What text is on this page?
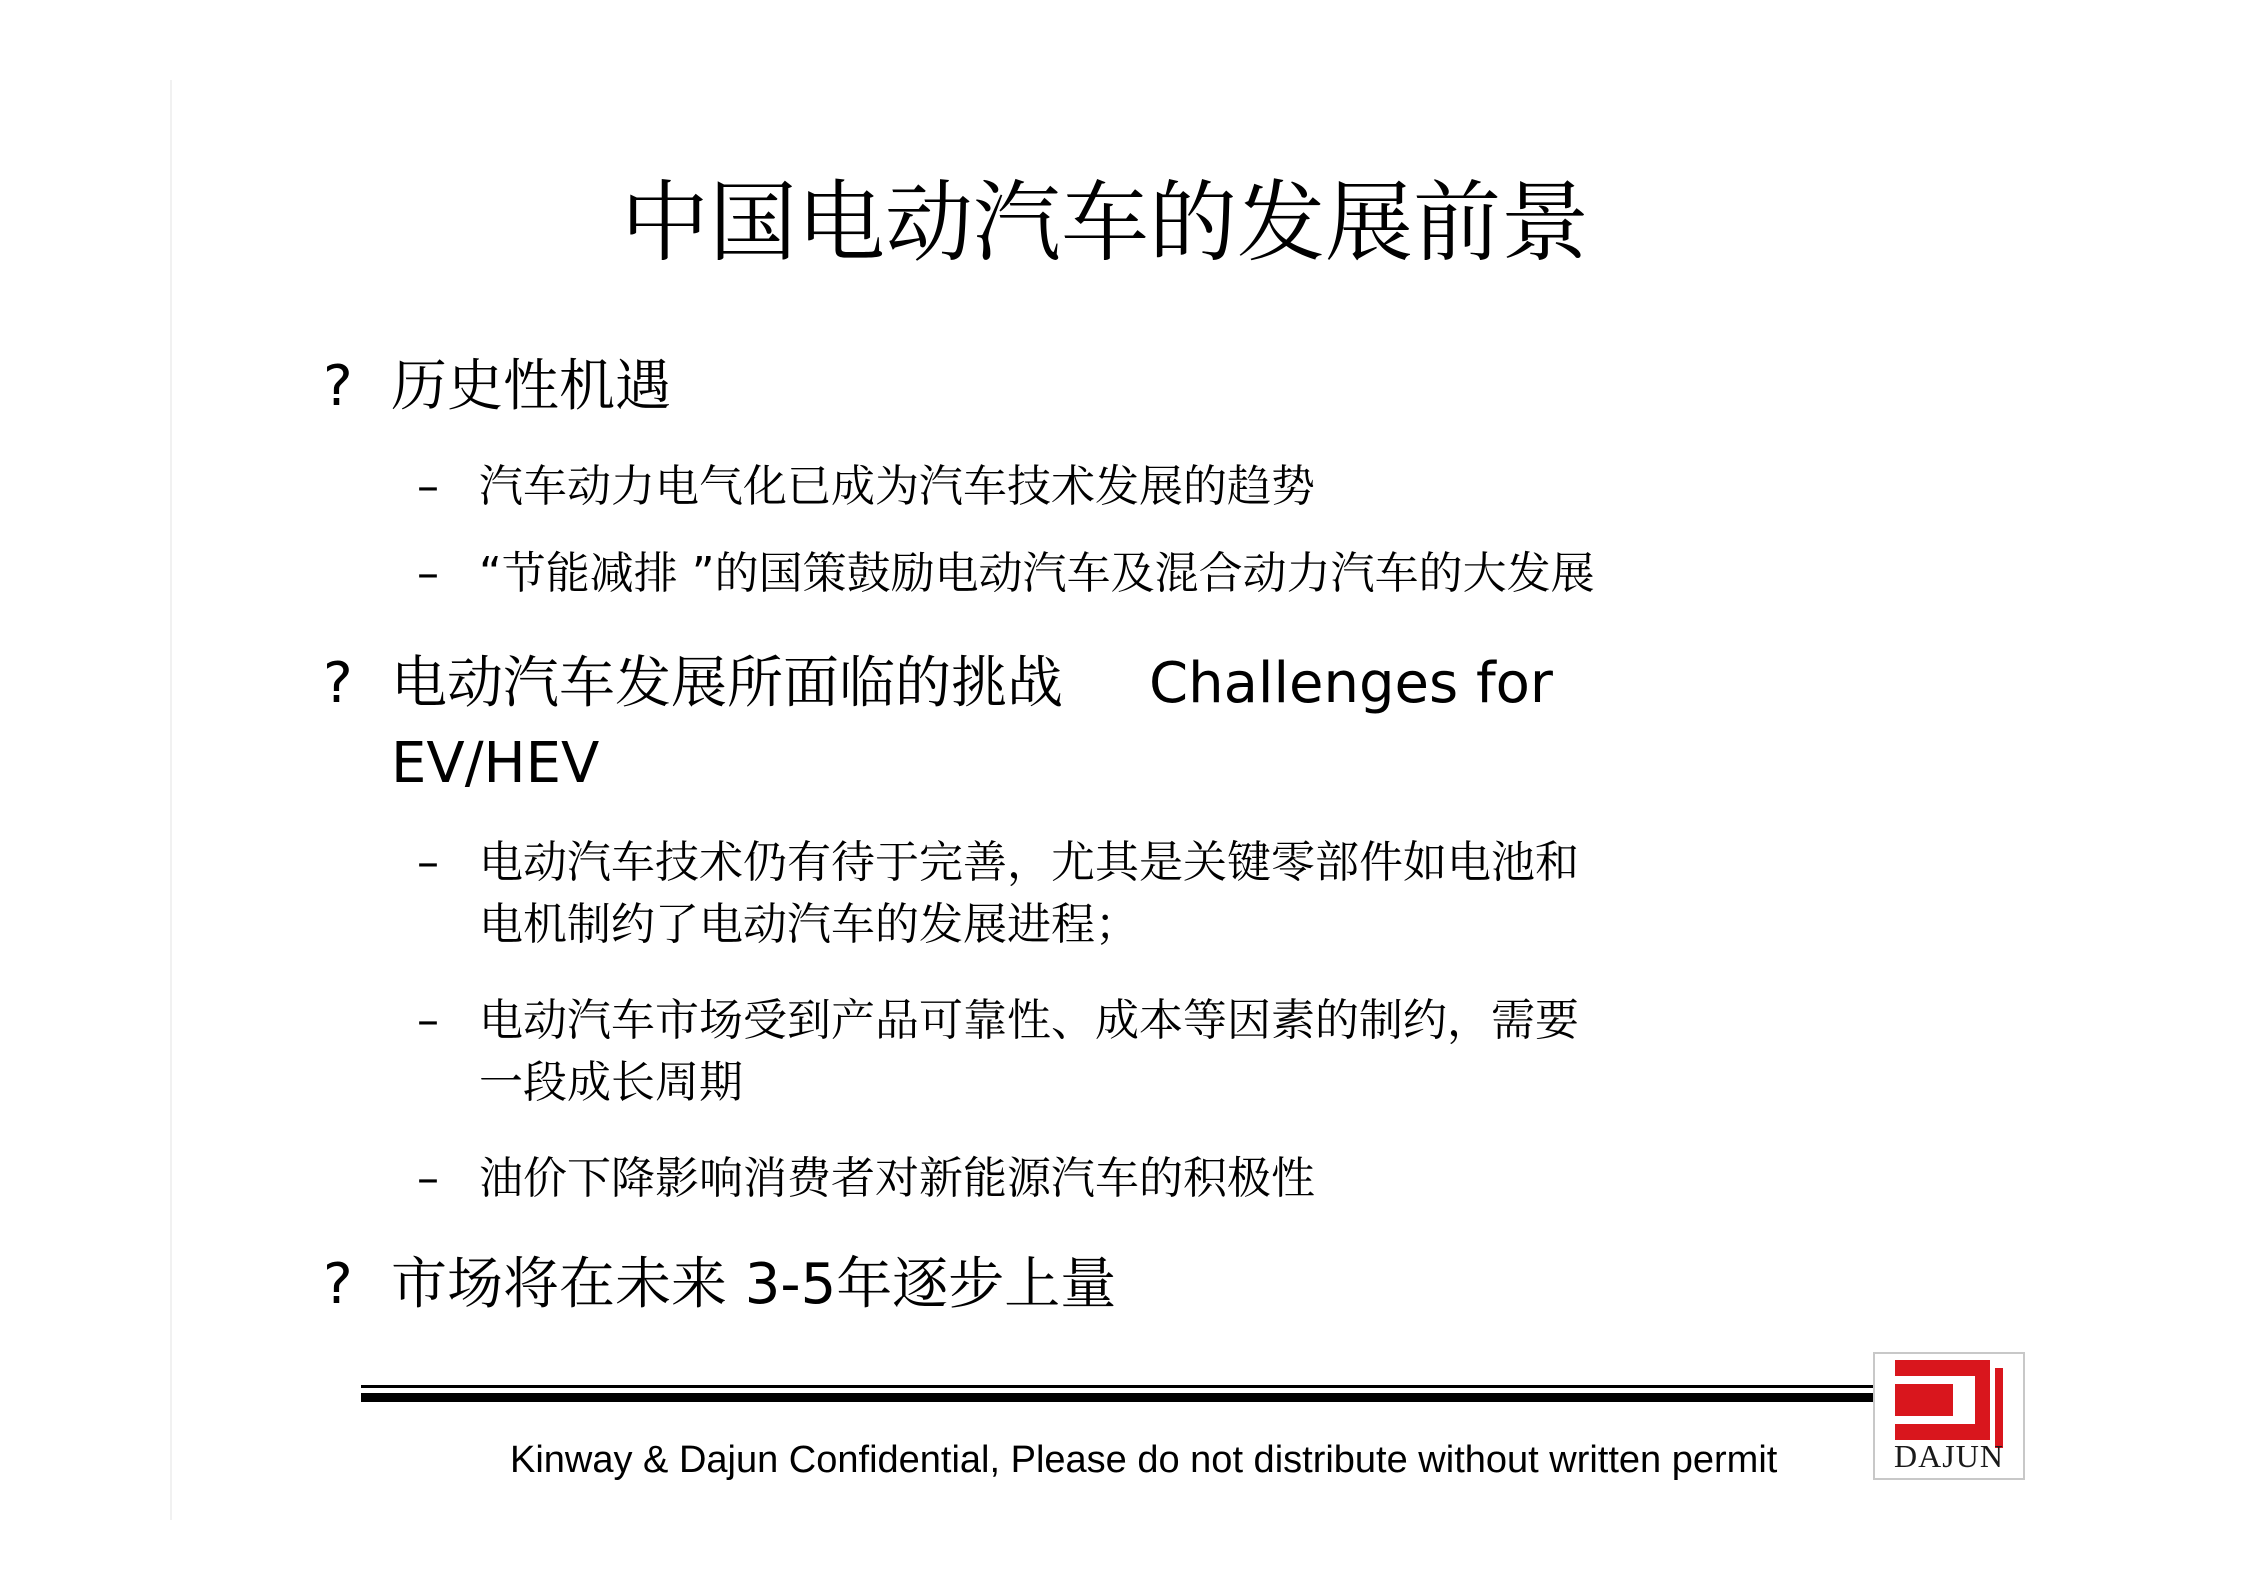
中国电动汽车的发展前景
? 历史性机遇
– 汽车动力电气化已成为汽车技术发展的趋势
– “节能减排 ”的国策鼓励电动汽车及混合动力汽车的大发展
? 电动汽车发展所面临的挑战 Challenges for
EV/HEV
– 电动汽车技术仍有待于完善，尤其是关键零部件如电池和
电机制约了电动汽车的发展进程；
– 电动汽车市场受到产品可靠性、成本等因素的制约，需要
一段成长周期
– 油价下降影响消费者对新能源汽车的积极性
? 市场将在未来 3-5年逐步上量
Kinway & Dajun Confidential, Please do not distribute without written permit	DAJUN
